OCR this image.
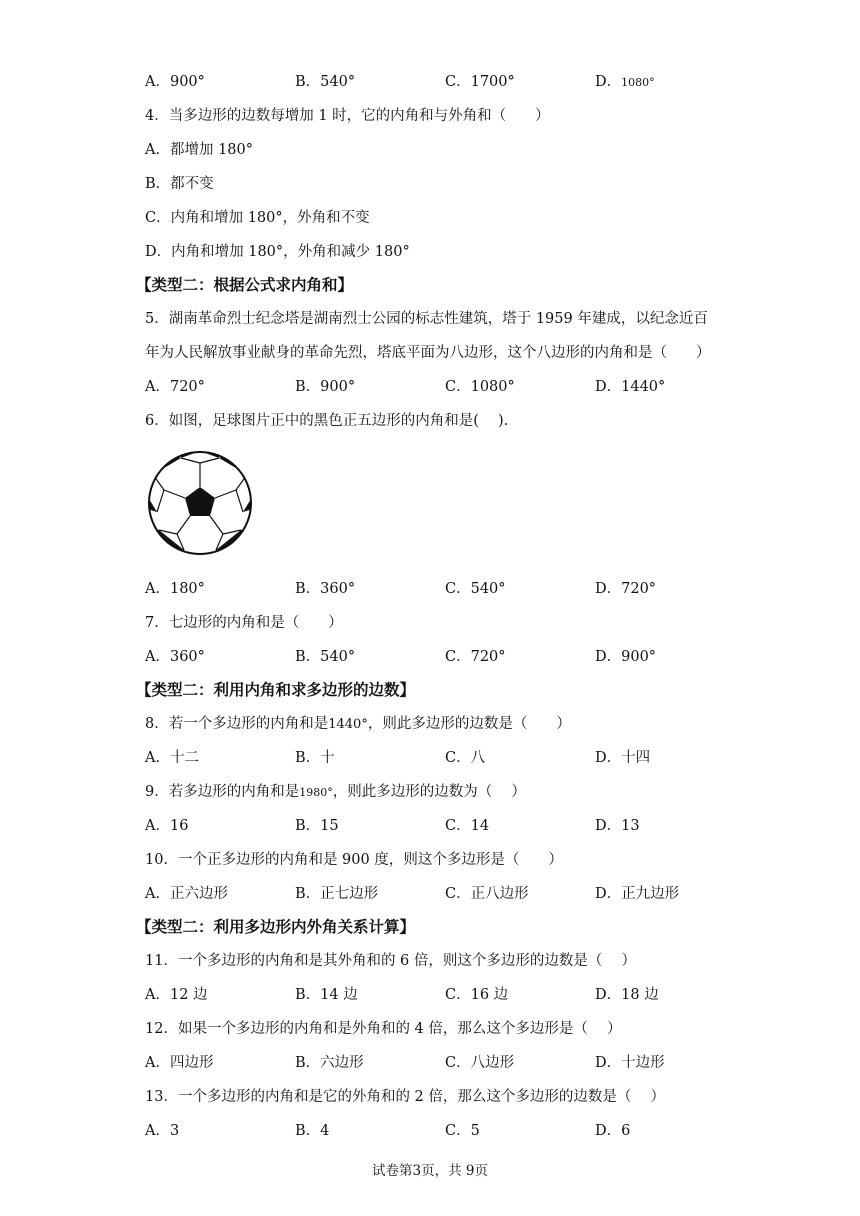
A．900°	B．540°	C．1700°	D．1080°
4．当多边形的边数每增加 1 时，它的内角和与外角和（　　）
A．都增加 180°
B．都不变
C．内角和增加 180°，外角和不变
D．内角和增加 180°，外角和减少 180°
【类型二：根据公式求内角和】
5．湖南革命烈士纪念塔是湖南烈士公园的标志性建筑，塔于 1959 年建成，以纪念近百
年为人民解放事业献身的革命先烈，塔底平面为八边形，这个八边形的内角和是（　　）
A．720°	B．900°	C．1080°	D．1440°
6．如图，足球图片正中的黑色正五边形的内角和是(　 ).
A．180°	B．360°	C．540°	D．720°
7．七边形的内角和是（　　）
A．360°	B．540°	C．720°	D．900°
【类型二：利用内角和求多边形的边数】
8．若一个多边形的内角和是1440°，则此多边形的边数是（　　）
A．十二	B．十	C．八	D．十四
9．若多边形的内角和是1980°，则此多边形的边数为（　 ）
A．16	B．15	C．14	D．13
10．一个正多边形的内角和是 900 度，则这个多边形是（　　）
A．正六边形	B．正七边形	C．正八边形	D．正九边形
【类型二：利用多边形内外角关系计算】
11．一个多边形的内角和是其外角和的 6 倍，则这个多边形的边数是（　 ）
A．12 边	B．14 边	C．16 边	D．18 边
12．如果一个多边形的内角和是外角和的 4 倍，那么这个多边形是（　 ）
A．四边形	B．六边形	C．八边形	D．十边形
13．一个多边形的内角和是它的外角和的 2 倍，那么这个多边形的边数是（　 ）
A．3	B．4	C．5	D．6
试卷第3页，共 9页
